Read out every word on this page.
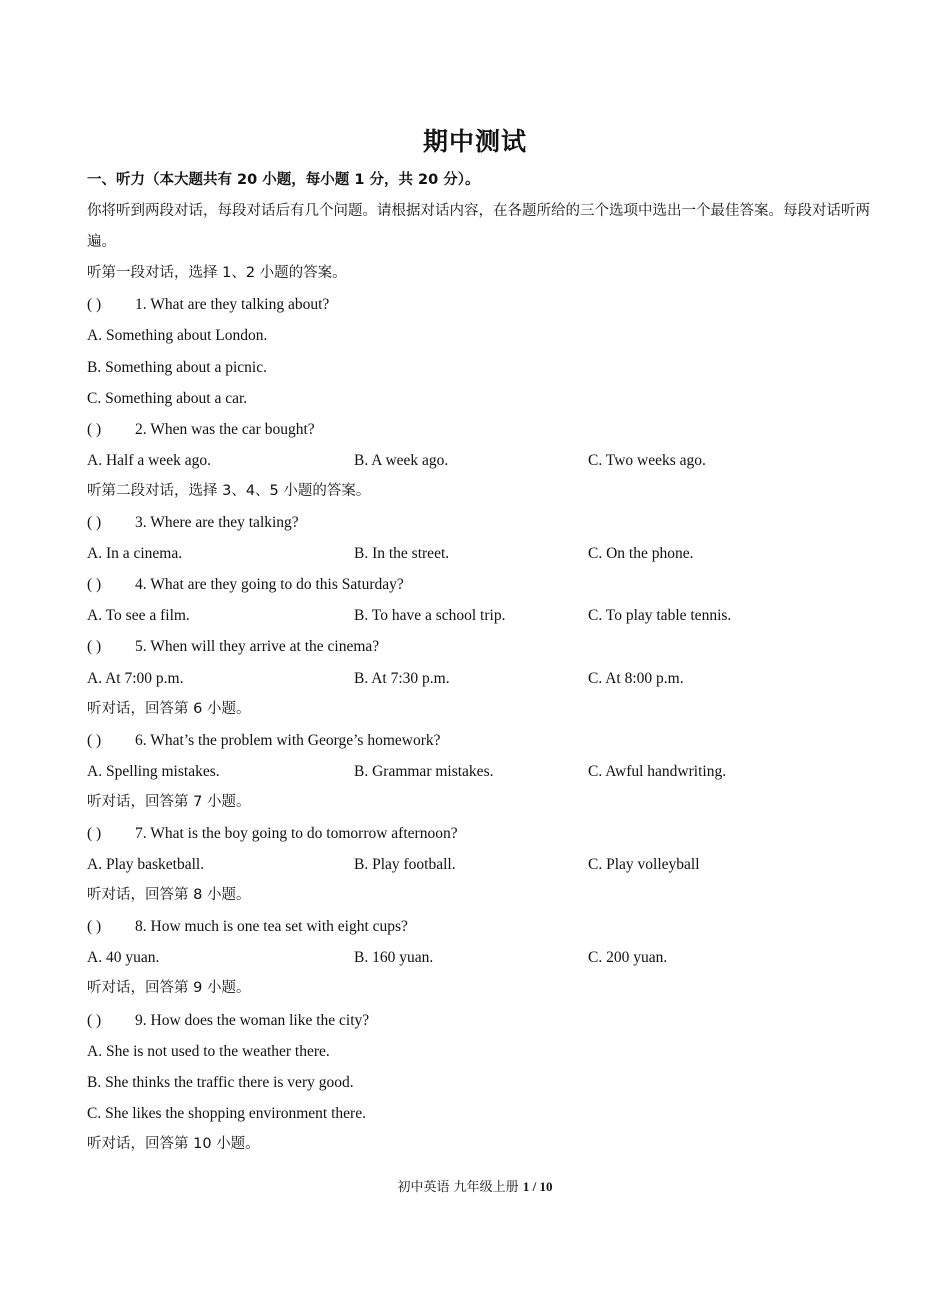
期中测试
一、听力（本大题共有 20 小题，每小题 1 分，共 20 分）。
你将听到两段对话，每段对话后有几个问题。请根据对话内容，在各题所给的三个选项中选出一个最佳答案。每段对话听两遍。
听第一段对话，选择 1、2 小题的答案。
( ) 1. What are they talking about?
A. Something about London.
B. Something about a picnic.
C. Something about a car.
( ) 2. When was the car bought?
A. Half a week ago.	B. A week ago.	C. Two weeks ago.
听第二段对话，选择 3、4、5 小题的答案。
( ) 3. Where are they talking?
A. In a cinema.	B. In the street.	C. On the phone.
( ) 4. What are they going to do this Saturday?
A. To see a film.	B. To have a school trip.	C. To play table tennis.
( ) 5. When will they arrive at the cinema?
A. At 7:00 p.m.	B. At 7:30 p.m.	C. At 8:00 p.m.
听对话，回答第 6 小题。
( ) 6. What’s the problem with George’s homework?
A. Spelling mistakes.	B. Grammar mistakes.	C. Awful handwriting.
听对话，回答第 7 小题。
( ) 7. What is the boy going to do tomorrow afternoon?
A. Play basketball.	B. Play football.	C. Play volleyball
听对话，回答第 8 小题。
( ) 8. How much is one tea set with eight cups?
A. 40 yuan.	B. 160 yuan.	C. 200 yuan.
听对话，回答第 9 小题。
( ) 9. How does the woman like the city?
A. She is not used to the weather there.
B. She thinks the traffic there is very good.
C. She likes the shopping environment there.
听对话，回答第 10 小题。
初中英语 九年级上册 1 / 10
